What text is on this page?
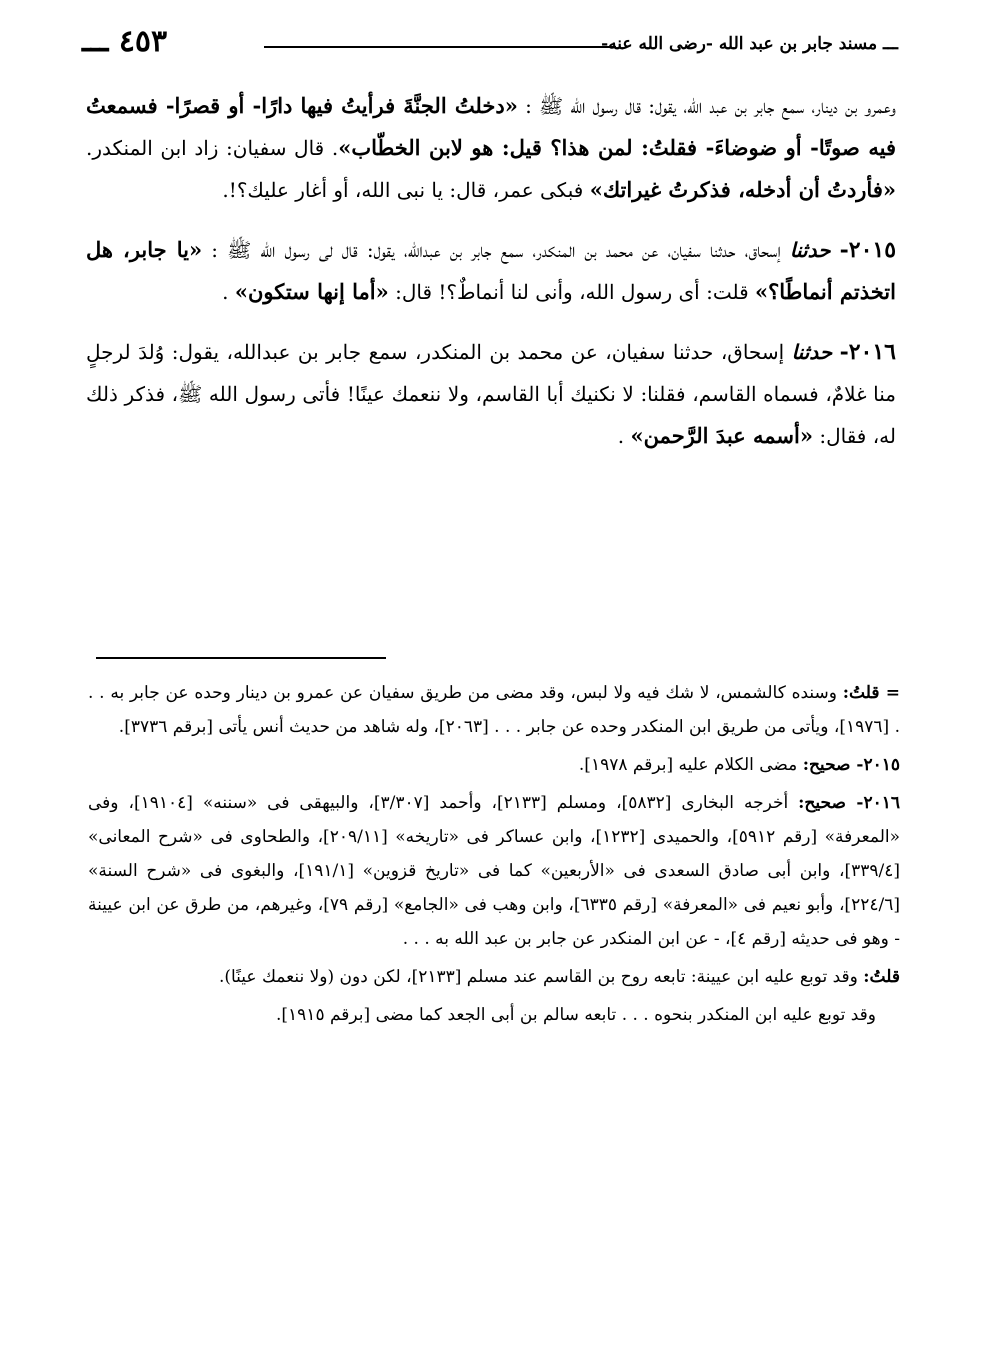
ـــ مسند جابر بن عبد الله -رضى الله عنه-
٤٥٣ ـــ

وعمرو بن دينار، سمع جابر بن عبد الله، يقول: قال رسول الله ﷺ : «دخلتُ الجنَّةَ فرأيتُ فيها دارًا- أو قصرًا- فسمعتُ فيه صوتًا- أو ضوضاءَ- فقلتُ: لمن هذا؟ قيل: هو لابن الخطّاب». قال سفيان: زاد ابن المنكدر. «فأردتُ أن أدخله، فذكرتُ غيراتك» فبكى عمر، قال: يا نبى الله، أو أغار عليك؟!.

٢٠١٥- حدثنا إسحاق، حدثنا سفيان، عن محمد بن المنكدر، سمع جابر بن عبدالله، يقول: قال لى رسول الله ﷺ : «يا جابر، هل اتخذتم أنماطًا؟» قلت: أى رسول الله، وأنى لنا أنماطٌ؟! قال: «أما إنها ستكون» .

٢٠١٦- حدثنا إسحاق، حدثنا سفيان، عن محمد بن المنكدر، سمع جابر بن عبدالله، يقول: وُلدَ لرجلٍ منا غلامٌ، فسماه القاسم، فقلنا: لا نكنيك أبا القاسم، ولا ننعمك عينًا! فأتى رسول الله ﷺ، فذكر ذلك له، فقال: «أسمه عبدَ الرَّحمن» .

= قلتُ: وسنده كالشمس، لا شك فيه ولا لبس، وقد مضى من طريق سفيان عن عمرو بن دينار وحده عن جابر به . . . [١٩٧٦]، ويأتى من طريق ابن المنكدر وحده عن جابر . . . [٢٠٦٣]، وله شاهد من حديث أنس يأتى [برقم ٣٧٣٦].

٢٠١٥- صحيح: مضى الكلام عليه [برقم ١٩٧٨].

٢٠١٦- صحيح: أخرجه البخارى [٥٨٣٢]، ومسلم [٢١٣٣]، وأحمد [٣/٣٠٧]، والبيهقى فى «سننه» [١٩١٠٤]، وفى «المعرفة» [رقم ٥٩١٢]، والحميدى [١٢٣٢]، وابن عساكر فى «تاريخه» [٢٠٩/١١]، والطحاوى فى «شرح المعانى» [٣٣٩/٤]، وابن أبى صادق السعدى فى «الأربعين» كما فى «تاريخ قزوين» [١٩١/١]، والبغوى فى «شرح السنة» [٢٢٤/٦]، وأبو نعيم فى «المعرفة» [رقم ٦٣٣٥]، وابن وهب فى «الجامع» [رقم ٧٩]، وغيرهم، من طرق عن ابن عيينة - وهو فى حديثه [رقم ٤]، - عن ابن المنكدر عن جابر بن عبد الله به . . .

قلتُ: وقد توبع عليه ابن عيينة: تابعه روح بن القاسم عند مسلم [٢١٣٣]، لكن دون (ولا ننعمك عينًا).

وقد توبع عليه ابن المنكدر بنحوه . . . تابعه سالم بن أبى الجعد كما مضى [برقم ١٩١٥].
